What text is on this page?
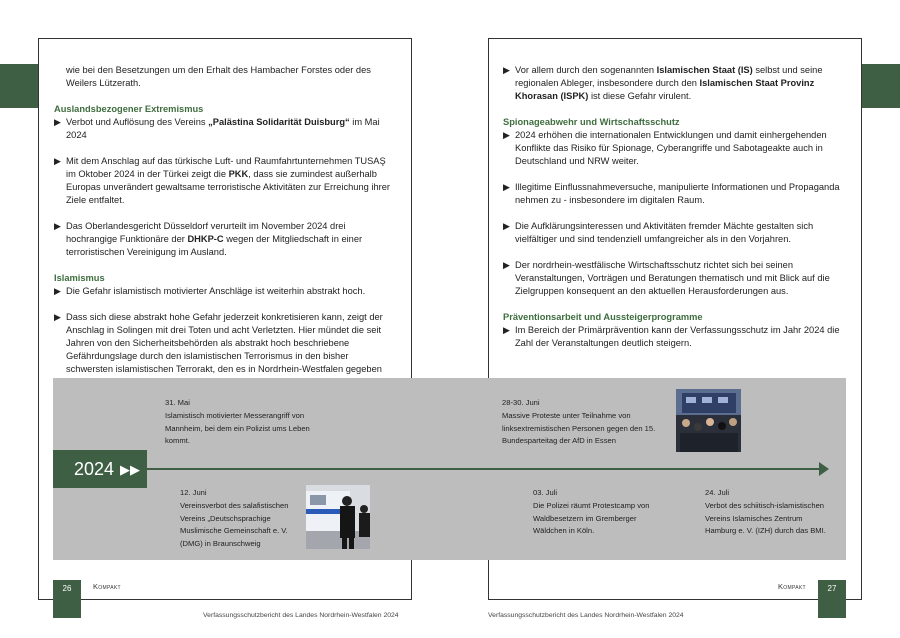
wie bei den Besetzungen um den Erhalt des Hambacher Forstes oder des Weilers Lützerath.

Auslandsbezogener Extremismus

▶ Verbot und Auflösung des Vereins „Palästina Solidarität Duisburg“ im Mai 2024
▶ Mit dem Anschlag auf das türkische Luft- und Raumfahrtunternehmen TUSAŞ im Oktober 2024 in der Türkei zeigt die PKK, dass sie zumindest außerhalb Europas unverändert gewaltsame terroristische Aktivitäten zur Erreichung ihrer Ziele entfaltet.
▶ Das Oberlandesgericht Düsseldorf verurteilt im November 2024 drei hochrangige Funktionäre der DHKP-C wegen der Mitgliedschaft in einer terroristischen Vereinigung im Ausland.

Islamismus

▶ Die Gefahr islamistisch motivierter Anschläge ist weiterhin abstrakt hoch.
▶ Dass sich diese abstrakt hohe Gefahr jederzeit konkretisieren kann, zeigt der Anschlag in Solingen mit drei Toten und acht Verletzten. Hier mündet die seit Jahren von den Sicherheitsbehörden als abstrakt hoch beschriebene Gefährdungslage durch den islamistischen Terrorismus in den bisher schwersten islamistischen Terrorakt, den es in Nordrhein-Westfalen gegeben
▶ Vor allem durch den sogenannten Islamischen Staat (IS) selbst und seine regionalen Ableger, insbesondere durch den Islamischen Staat Provinz Khorasan (ISPK) ist diese Gefahr virulent.

Spionageabwehr und Wirtschaftsschutz

▶ 2024 erhöhen die internationalen Entwicklungen und damit einhergehenden Konflikte das Risiko für Spionage, Cyberangriffe und Sabotageakte auch in Deutschland und NRW weiter.
▶ Illegitime Einflussnahmeversuche, manipulierte Informationen und Propaganda nehmen zu - insbesondere im digitalen Raum.
▶ Die Aufklärungsinteressen und Aktivitäten fremder Mächte gestalten sich vielfältiger und sind tendenziell umfangreicher als in den Vorjahren.
▶ Der nordrhein-westfälische Wirtschaftsschutz richtet sich bei seinen Veranstaltungen, Vorträgen und Beratungen thematisch und mit Blick auf die Zielgruppen konsequent an den aktuellen Herausforderungen aus.

Präventionsarbeit und Aussteigerprogramme

▶ Im Bereich der Primärprävention kann der Verfassungsschutz im Jahr 2024 die Zahl der Veranstaltungen deutlich steigern.
2024 ▶▶
31. Mai
Islamistisch motivierter Messerangriff von Mannheim, bei dem ein Polizist ums Leben kommt.
28-30. Juni
Massive Proteste unter Teilnahme von linksextremistischen Personen gegen den 15. Bundesparteitag der AfD in Essen
12. Juni
Vereinsverbot des salafistischen Vereins „Deutschsprachige Muslimische Gemeinschaft e. V. (DMG) in Braunschweig
03. Juli
Die Polizei räumt Protestcamp von Waldbesetzern im Gremberger Wäldchen in Köln.
24. Juli
Verbot des schiitisch-islamistischen Vereins Islamisches Zentrum Hamburg e. V. (IZH) durch das BMI.
26	27
Kompakt	Kompakt
Verfassungsschutzbericht des Landes Nordrhein-Westfalen 2024	Verfassungsschutzbericht des Landes Nordrhein-Westfalen 2024
